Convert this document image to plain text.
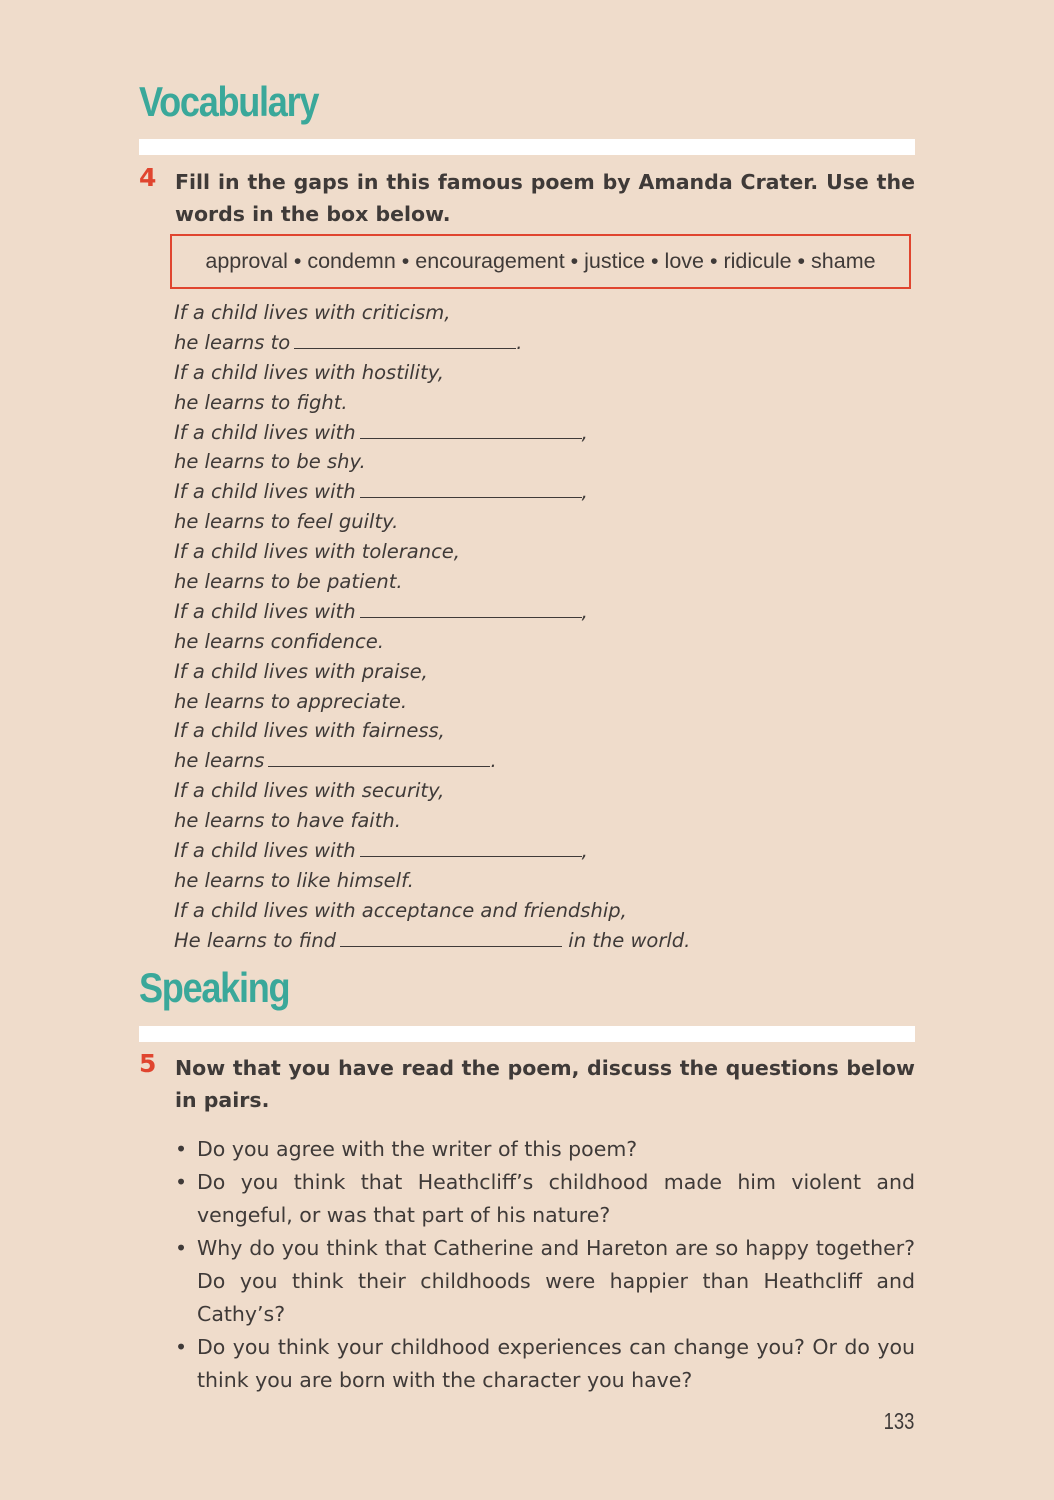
Vocabulary
4 Fill in the gaps in this famous poem by Amanda Crater. Use the words in the box below.

approval • condemn • encouragement • justice • love • ridicule • shame
If a child lives with criticism,
he learns to	.
If a child lives with hostility,
he learns to fight.
If a child lives with	,
he learns to be shy.
If a child lives with	,
he learns to feel guilty.
If a child lives with tolerance,
he learns to be patient.
If a child lives with	,
he learns confidence.
If a child lives with praise,
he learns to appreciate.
If a child lives with fairness,
he learns	.
If a child lives with security,
he learns to have faith.
If a child lives with	,
he learns to like himself.
If a child lives with acceptance and friendship,
He learns to find	in the world.
Speaking
5 Now that you have read the poem, discuss the questions below in pairs.

• Do you agree with the writer of this poem?
• Do you think that Heathcliff’s childhood made him violent and vengeful, or was that part of his nature?
• Why do you think that Catherine and Hareton are so happy together? Do you think their childhoods were happier than Heathcliff and Cathy’s?
• Do you think your childhood experiences can change you? Or do you think you are born with the character you have?
133
